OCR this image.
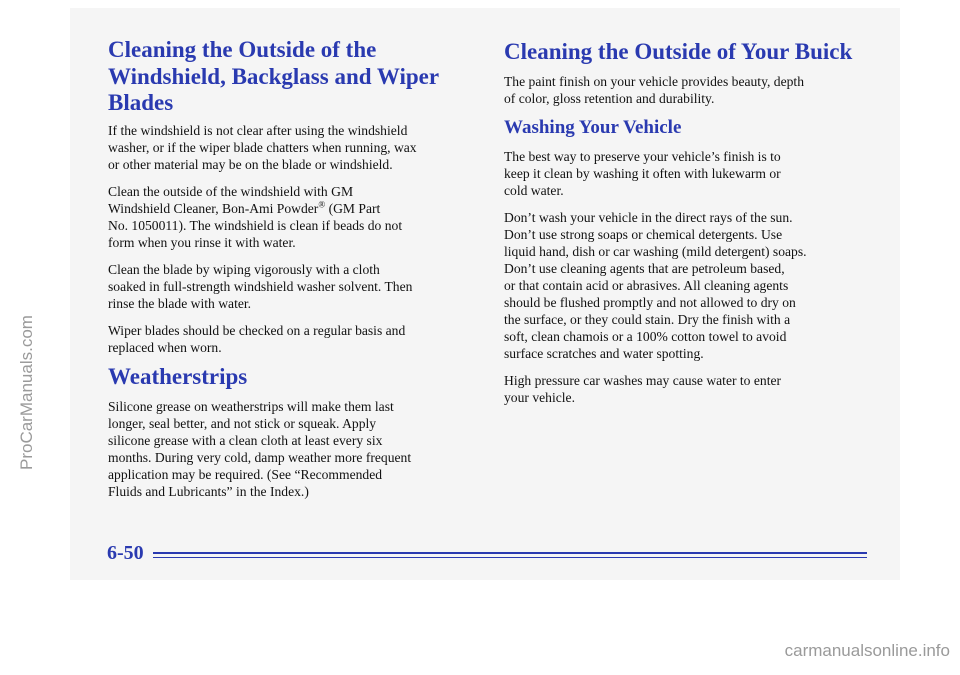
Cleaning the Outside of the
Windshield, Backglass and Wiper
Blades

If the windshield is not clear after using the windshield

washer, or if the wiper blade chatters when running, wax

or other material may be on the blade or windshield.

Clean the outside of the windshield with GM

Windshield Cleaner, Bon-Ami Powder® (GM Part

No. 1050011). The windshield is clean if beads do not

form when you rinse it with water.

Clean the blade by wiping vigorously with a cloth

soaked in full-strength windshield washer solvent. Then

rinse the blade with water.

Wiper blades should be checked on a regular basis and

replaced when worn.

Weatherstrips

Silicone grease on weatherstrips will make them last

longer, seal better, and not stick or squeak. Apply

silicone grease with a clean cloth at least every six

months. During very cold, damp weather more frequent

application may be required. (See “Recommended

Fluids and Lubricants” in the Index.)

Cleaning the Outside of Your Buick

The paint finish on your vehicle provides beauty, depth

of color, gloss retention and durability.

Washing Your Vehicle

The best way to preserve your vehicle’s finish is to

keep it clean by washing it often with lukewarm or

cold water.

Don’t wash your vehicle in the direct rays of the sun.

Don’t use strong soaps or chemical detergents. Use

liquid hand, dish or car washing (mild detergent) soaps.

Don’t use cleaning agents that are petroleum based,

or that contain acid or abrasives. All cleaning agents

should be flushed promptly and not allowed to dry on

the surface, or they could stain. Dry the finish with a

soft, clean chamois or a 100% cotton towel to avoid

surface scratches and water spotting.

High pressure car washes may cause water to enter

your vehicle.

6-50
ProCarManuals.com
carmanualsonline.info
